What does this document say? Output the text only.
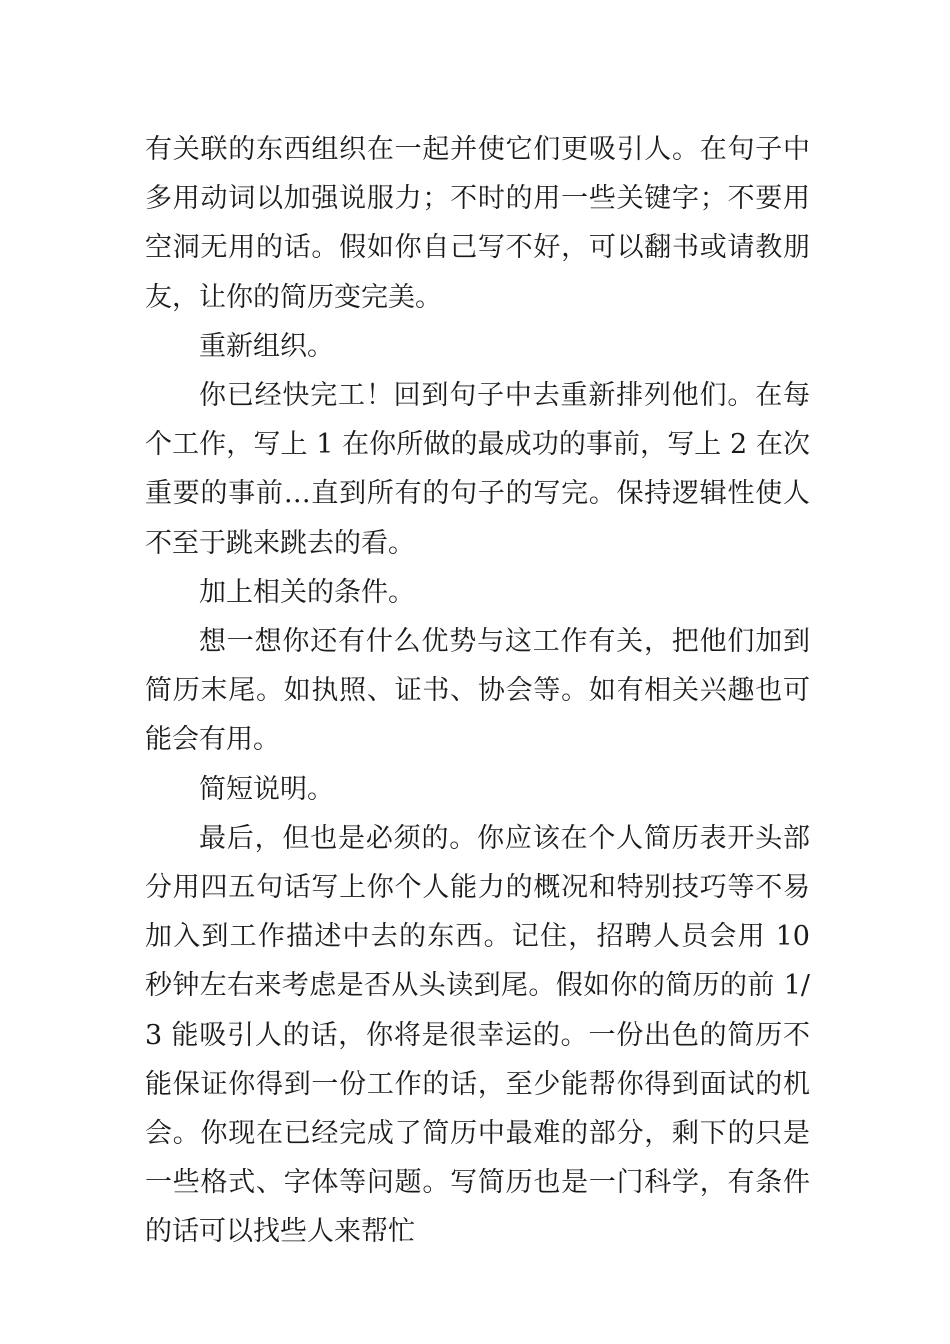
有关联的东西组织在一起并使它们更吸引人。在句子中多用动词以加强说服力；不时的用一些关键字；不要用空洞无用的话。假如你自己写不好，可以翻书或请教朋友，让你的简历变完美。

重新组织。

你已经快完工！回到句子中去重新排列他们。在每个工作，写上 1 在你所做的最成功的事前，写上 2 在次重要的事前…直到所有的句子的写完。保持逻辑性使人不至于跳来跳去的看。

加上相关的条件。

想一想你还有什么优势与这工作有关，把他们加到简历末尾。如执照、证书、协会等。如有相关兴趣也可能会有用。

简短说明。

最后，但也是必须的。你应该在个人简历表开头部分用四五句话写上你个人能力的概况和特别技巧等不易加入到工作描述中去的东西。记住，招聘人员会用 10 秒钟左右来考虑是否从头读到尾。假如你的简历的前 1/3 能吸引人的话，你将是很幸运的。一份出色的简历不能保证你得到一份工作的话，至少能帮你得到面试的机会。你现在已经完成了简历中最难的部分，剩下的只是一些格式、字体等问题。写简历也是一门科学，有条件的话可以找些人来帮忙
